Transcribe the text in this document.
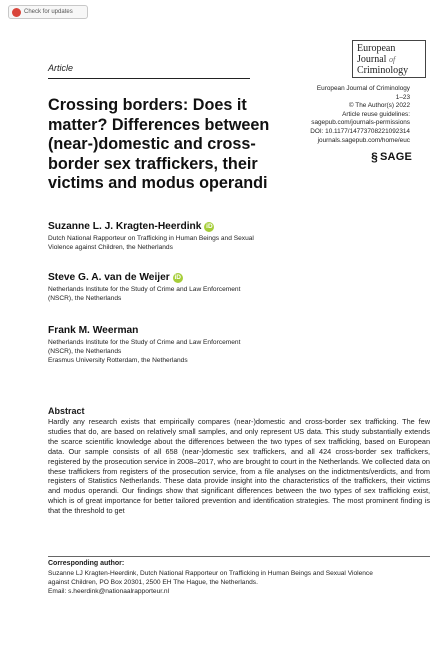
Check for updates
European
Journal of
Criminology
Article
European Journal of Criminology
1–23
© The Author(s) 2022
Article reuse guidelines:
sagepub.com/journals-permissions
DOI: 10.1177/14773708221092314
journals.sagepub.com/home/euc
§ SAGE
Crossing borders: Does it matter? Differences between (near-)domestic and cross-border sex traffickers, their victims and modus operandi
Suzanne L. J. Kragten-Heerdink iD
Dutch National Rapporteur on Trafficking in Human Beings and Sexual
Violence against Children, the Netherlands
Steve G. A. van de Weijer iD
Netherlands Institute for the Study of Crime and Law Enforcement
(NSCR), the Netherlands
Frank M. Weerman
Netherlands Institute for the Study of Crime and Law Enforcement
(NSCR), the Netherlands
Erasmus University Rotterdam, the Netherlands
Abstract
Hardly any research exists that empirically compares (near-)domestic and cross-border sex trafficking. The few studies that do, are based on relatively small samples, and only represent US data. This study substantially extends the scarce scientific knowledge about the differences between the two types of sex trafficking, based on European data. Our sample consists of all 658 (near-)domestic sex traffickers, and all 424 cross-border sex traffickers, registered by the prosecution service in 2008–2017, who are brought to court in the Netherlands. We collected data on these traffickers from registers of the prosecution service, from a file analyses on the indictments/verdicts, and from registers of Statistics Netherlands. These data provide insight into the characteristics of the traffickers, their victims and modus operandi. Our findings show that significant differences between the two types of sex trafficking exist, which is of great importance for better tailored prevention and identification strategies. The most prominent finding is that the threshold to get
Corresponding author:
Suzanne LJ Kragten-Heerdink, Dutch National Rapporteur on Trafficking in Human Beings and Sexual Violence
against Children, PO Box 20301, 2500 EH The Hague, the Netherlands.
Email: s.heerdink@nationaalrapporteur.nl
